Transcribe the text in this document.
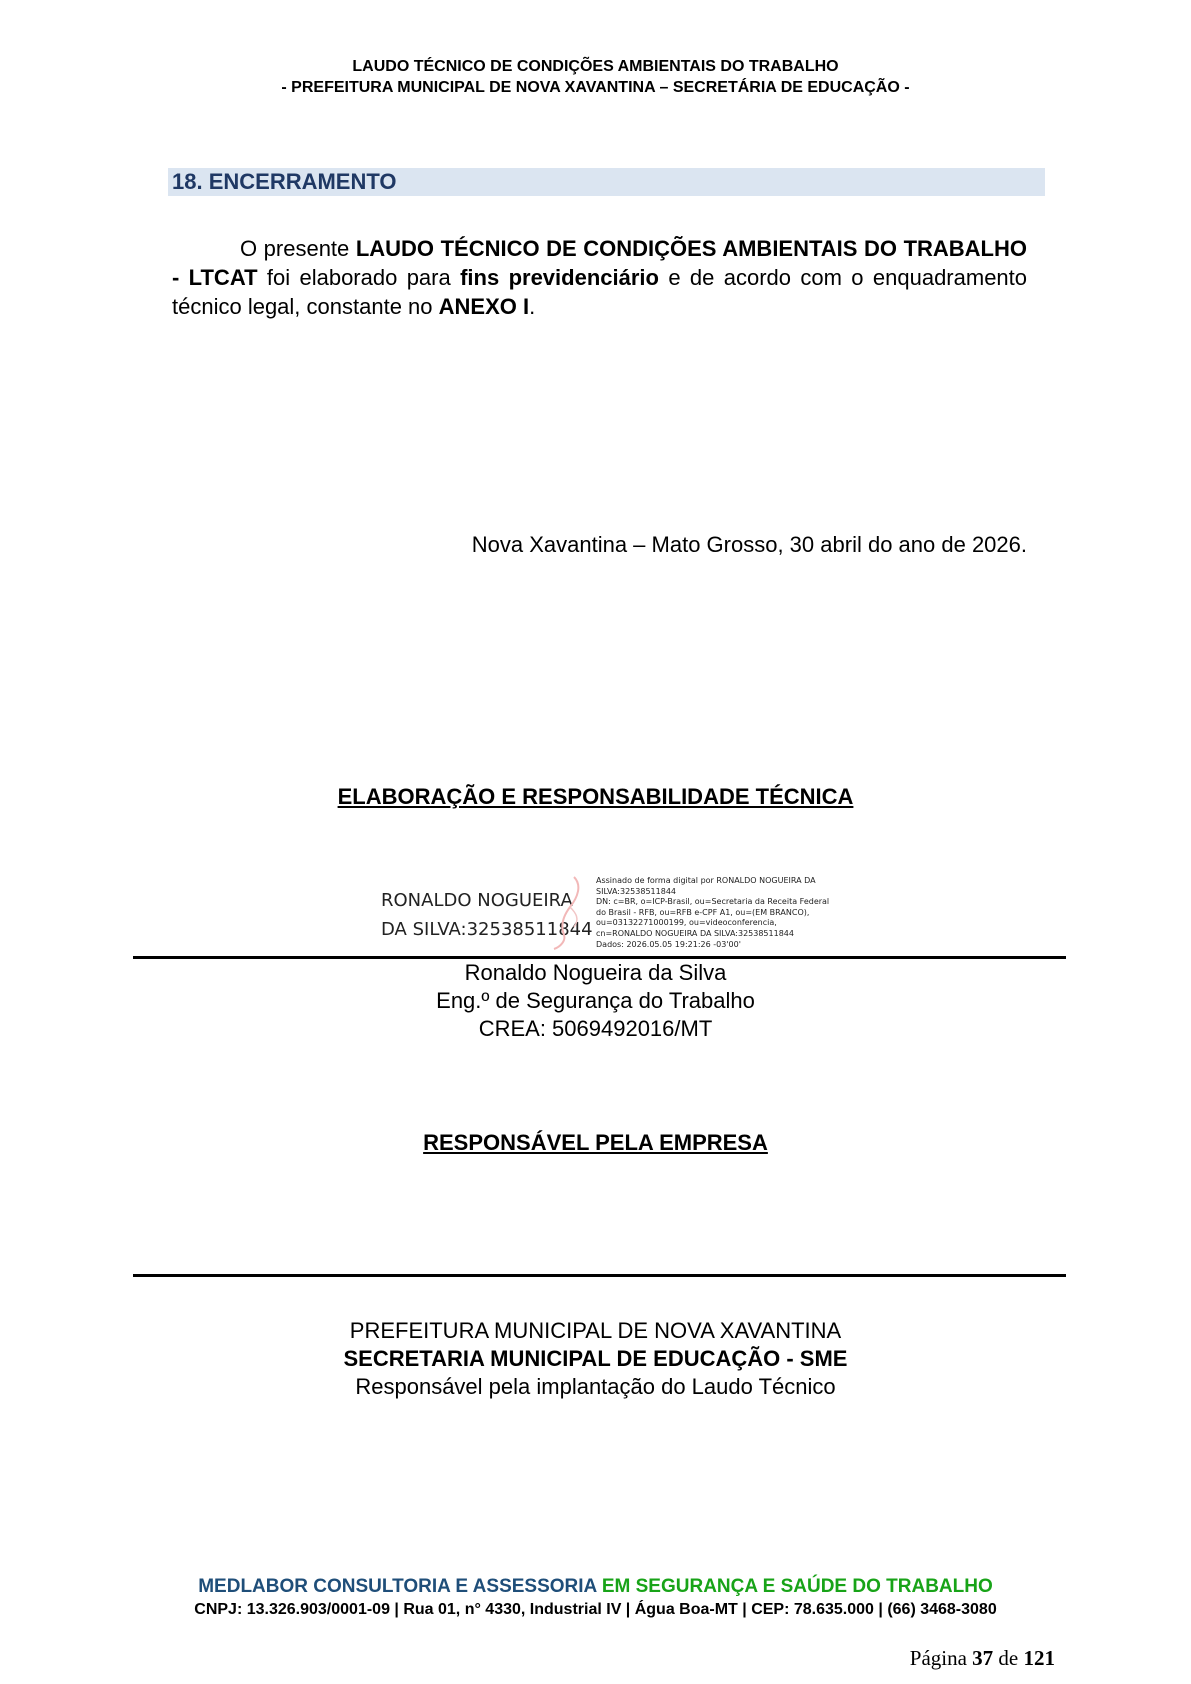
LAUDO TÉCNICO DE CONDIÇÕES AMBIENTAIS DO TRABALHO
- PREFEITURA MUNICIPAL DE NOVA XAVANTINA – SECRETÁRIA DE EDUCAÇÃO -
18. ENCERRAMENTO
O presente LAUDO TÉCNICO DE CONDIÇÕES AMBIENTAIS DO TRABALHO - LTCAT foi elaborado para fins previdenciário e de acordo com o enquadramento técnico legal, constante no ANEXO I.
Nova Xavantina – Mato Grosso, 30 abril do ano de 2026.
ELABORAÇÃO E RESPONSABILIDADE TÉCNICA
RONALDO NOGUEIRA
DA SILVA:32538511844
Assinado de forma digital por RONALDO NOGUEIRA DA
SILVA:32538511844
DN: c=BR, o=ICP-Brasil, ou=Secretaria da Receita Federal
do Brasil - RFB, ou=RFB e-CPF A1, ou=(EM BRANCO),
ou=03132271000199, ou=videoconferencia,
cn=RONALDO NOGUEIRA DA SILVA:32538511844
Dados: 2026.05.05 19:21:26 -03'00'
Ronaldo Nogueira da Silva
Eng.º de Segurança do Trabalho
CREA: 5069492016/MT
RESPONSÁVEL PELA EMPRESA
PREFEITURA MUNICIPAL DE NOVA XAVANTINA
SECRETARIA MUNICIPAL DE EDUCAÇÃO - SME
Responsável pela implantação do Laudo Técnico
MEDLABOR CONSULTORIA E ASSESSORIA EM SEGURANÇA E SAÚDE DO TRABALHO
CNPJ: 13.326.903/0001-09 | Rua 01, n° 4330, Industrial IV | Água Boa-MT | CEP: 78.635.000 | (66) 3468-3080
Página 37 de 121
